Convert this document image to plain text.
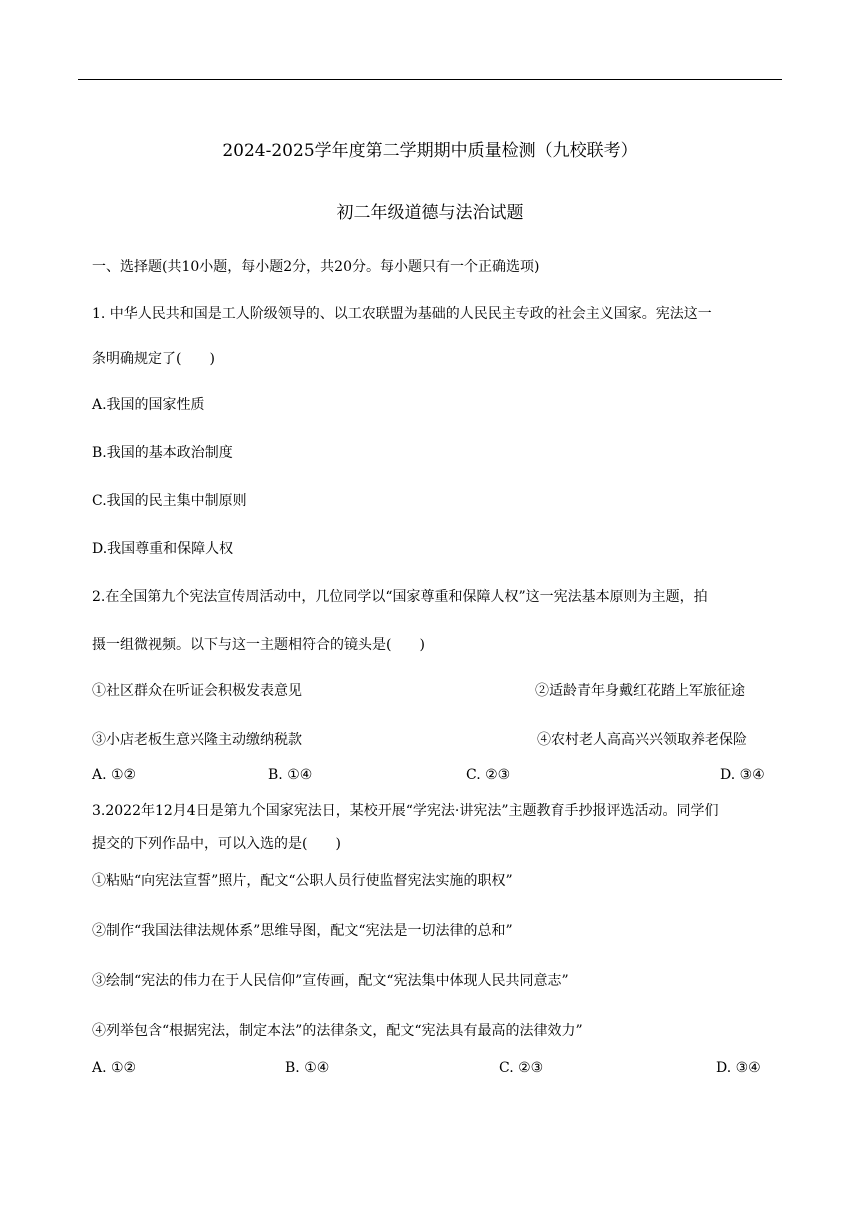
2024-2025学年度第二学期期中质量检测（九校联考）
初二年级道德与法治试题
一、选择题(共10小题，每小题2分，共20分。每小题只有一个正确选项)
1. 中华人民共和国是工人阶级领导的、以工农联盟为基础的人民民主专政的社会主义国家。宪法这一
条明确规定了(　　)
A.我国的国家性质
B.我国的基本政治制度
C.我国的民主集中制原则
D.我国尊重和保障人权
2.在全国第九个宪法宣传周活动中，几位同学以“国家尊重和保障人权”这一宪法基本原则为主题，拍
摄一组微视频。以下与这一主题相符合的镜头是(　　)
①社区群众在听证会积极发表意见	②适龄青年身戴红花踏上军旅征途
③小店老板生意兴隆主动缴纳税款	④农村老人高高兴兴领取养老保险
A. ①②	B. ①④	C. ②③	D. ③④
3.2022年12月4日是第九个国家宪法日，某校开展“学宪法·讲宪法”主题教育手抄报评选活动。同学们
提交的下列作品中，可以入选的是(　　)
①粘贴“向宪法宣誓”照片，配文“公职人员行使监督宪法实施的职权”
②制作“我国法律法规体系”思维导图，配文“宪法是一切法律的总和”
③绘制“宪法的伟力在于人民信仰”宣传画，配文“宪法集中体现人民共同意志”
④列举包含“根据宪法，制定本法”的法律条文，配文“宪法具有最高的法律效力”
A. ①②	B. ①④	C. ②③	D. ③④
